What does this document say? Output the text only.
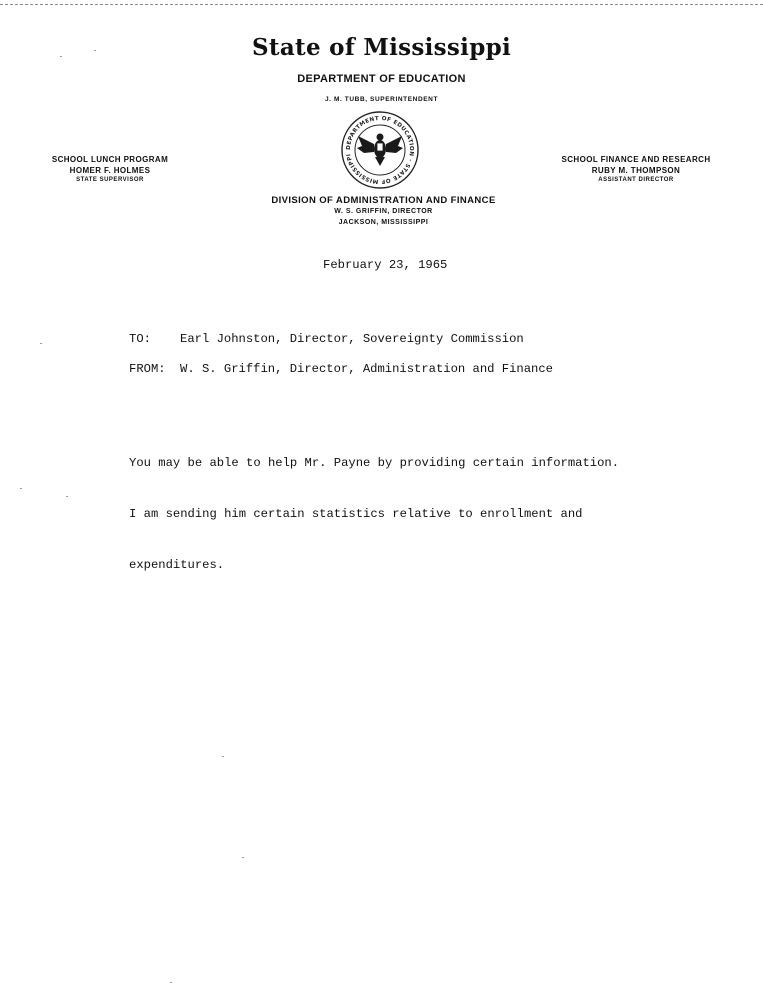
State of Mississippi
DEPARTMENT OF EDUCATION
J. M. TUBB, SUPERINTENDENT
DEPARTMENT OF EDUCATION · STATE OF MISSISSIPPI
SCHOOL LUNCH PROGRAM
HOMER F. HOLMES
STATE SUPERVISOR
SCHOOL FINANCE AND RESEARCH
RUBY M. THOMPSON
ASSISTANT DIRECTOR
DIVISION OF ADMINISTRATION AND FINANCE
W. S. GRIFFIN, DIRECTOR
JACKSON, MISSISSIPPI
February 23, 1965
TO: Earl Johnston, Director, Sovereignty Commission
FROM: W. S. Griffin, Director, Administration and Finance

You may be able to help Mr. Payne by providing certain information.

I am sending him certain statistics relative to enrollment and

expenditures.
